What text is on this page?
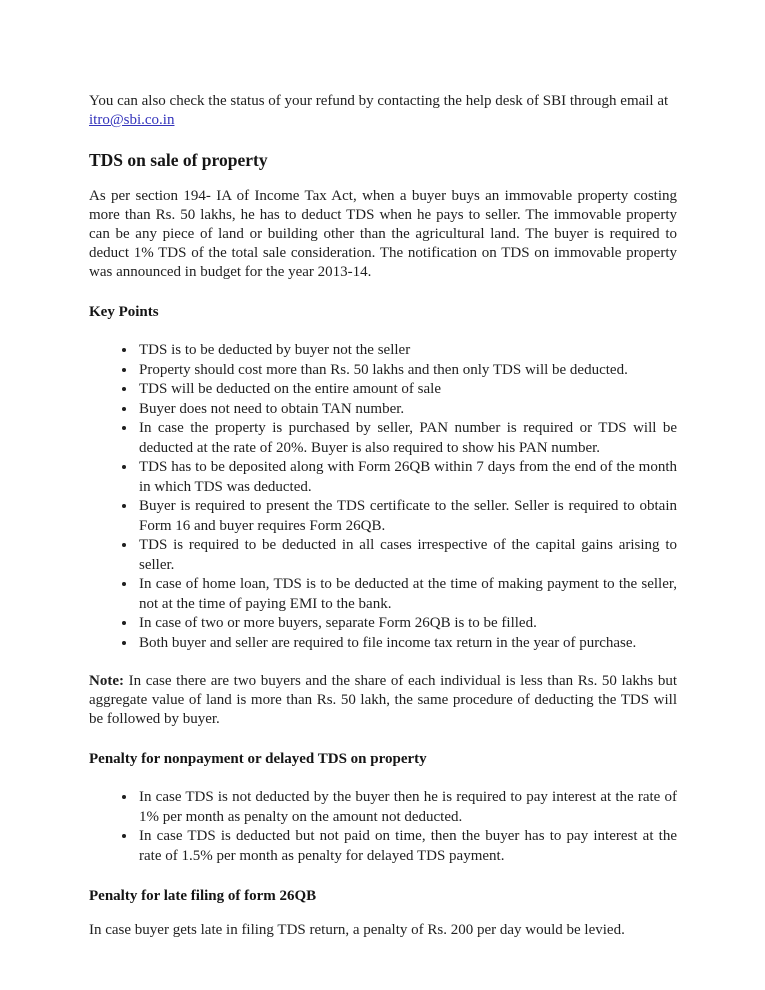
You can also check the status of your refund by contacting the help desk of SBI through email at itro@sbi.co.in

TDS on sale of property

As per section 194- IA of Income Tax Act, when a buyer buys an immovable property costing more than Rs. 50 lakhs, he has to deduct TDS when he pays to seller. The immovable property can be any piece of land or building other than the agricultural land. The buyer is required to deduct 1% TDS of the total sale consideration. The notification on TDS on immovable property was announced in budget for the year 2013-14.

Key Points
• TDS is to be deducted by buyer not the seller
• Property should cost more than Rs. 50 lakhs and then only TDS will be deducted.
• TDS will be deducted on the entire amount of sale
• Buyer does not need to obtain TAN number.
• In case the property is purchased by seller, PAN number is required or TDS will be deducted at the rate of 20%. Buyer is also required to show his PAN number.
• TDS has to be deposited along with Form 26QB within 7 days from the end of the month in which TDS was deducted.
• Buyer is required to present the TDS certificate to the seller. Seller is required to obtain Form 16 and buyer requires Form 26QB.
• TDS is required to be deducted in all cases irrespective of the capital gains arising to seller.
• In case of home loan, TDS is to be deducted at the time of making payment to the seller, not at the time of paying EMI to the bank.
• In case of two or more buyers, separate Form 26QB is to be filled.
• Both buyer and seller are required to file income tax return in the year of purchase.

Note: In case there are two buyers and the share of each individual is less than Rs. 50 lakhs but aggregate value of land is more than Rs. 50 lakh, the same procedure of deducting the TDS will be followed by buyer.

Penalty for nonpayment or delayed TDS on property
• In case TDS is not deducted by the buyer then he is required to pay interest at the rate of 1% per month as penalty on the amount not deducted.
• In case TDS is deducted but not paid on time, then the buyer has to pay interest at the rate of 1.5% per month as penalty for delayed TDS payment.
Penalty for late filing of form 26QB

In case buyer gets late in filing TDS return, a penalty of Rs. 200 per day would be levied.
